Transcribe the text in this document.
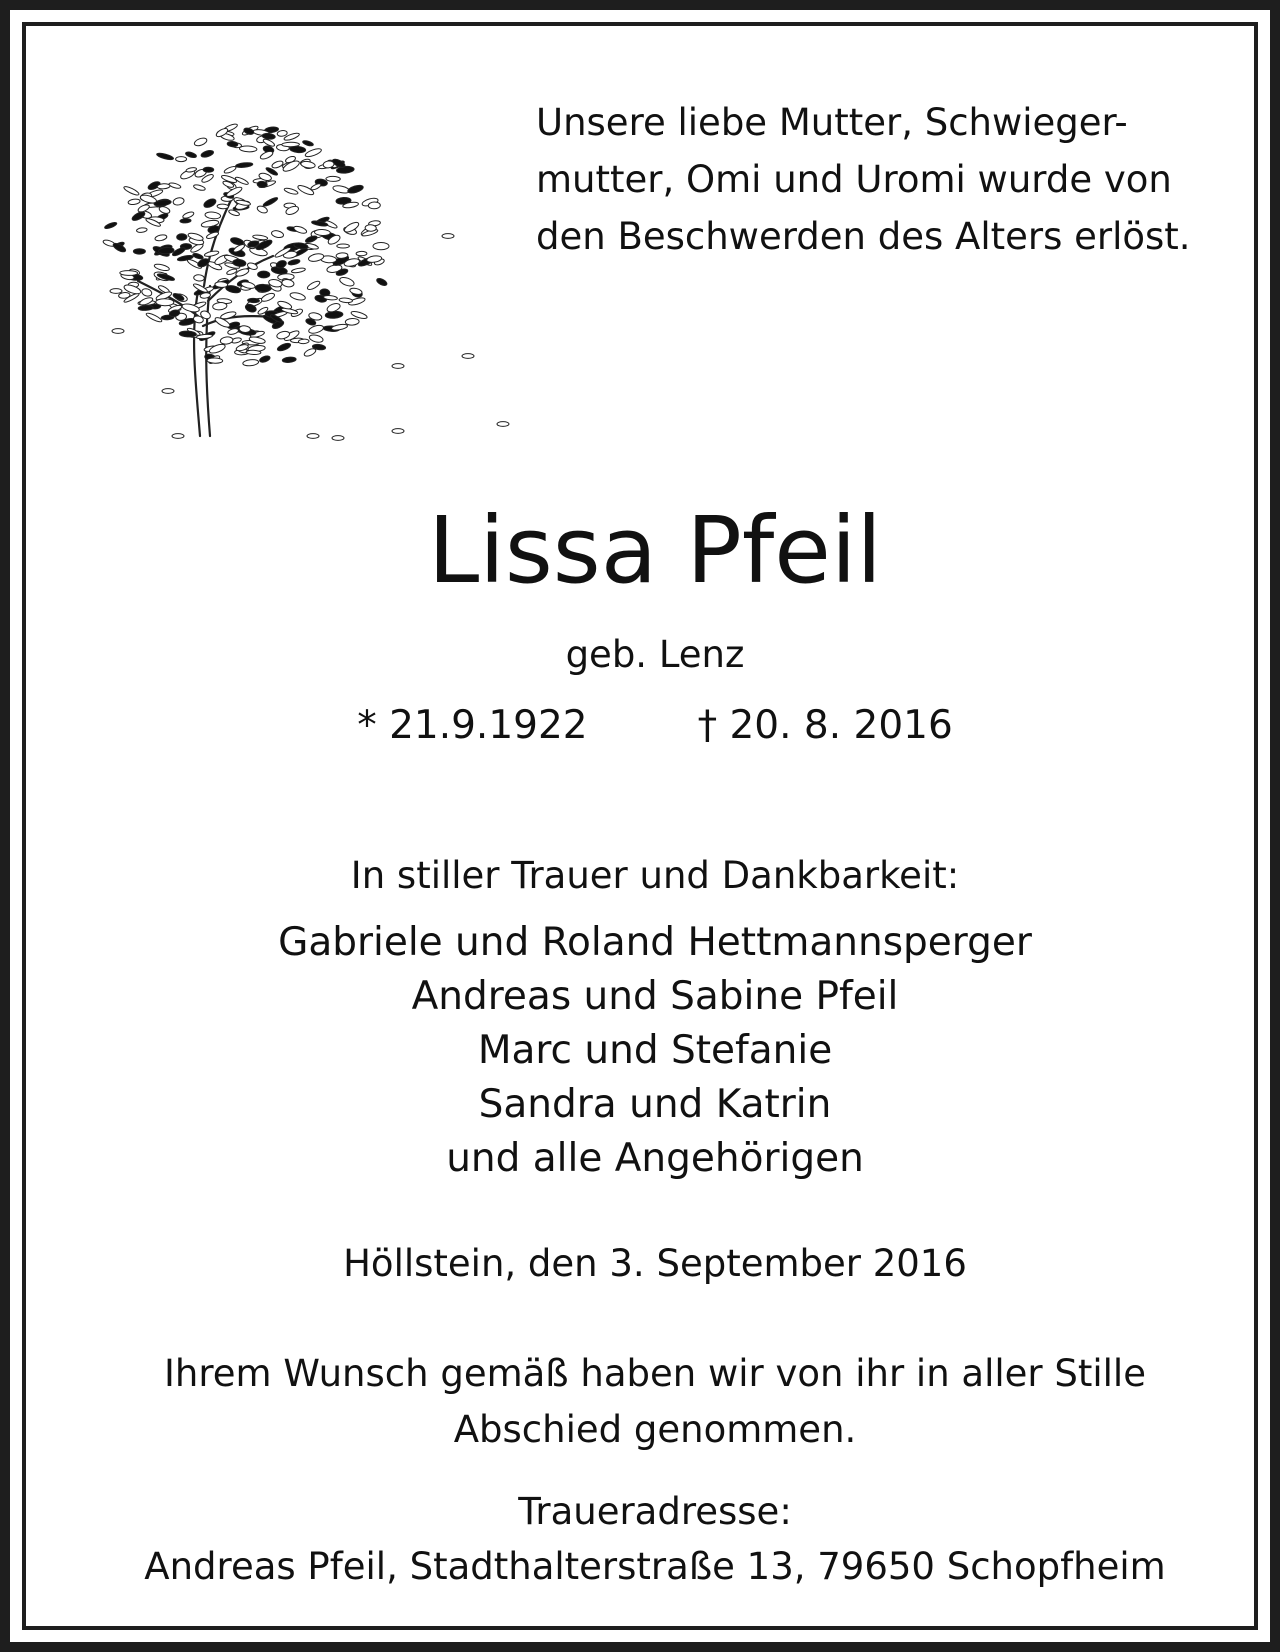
Unsere liebe Mutter, Schwieger-
mutter, Omi und Uromi wurde von
den Beschwerden des Alters erlöst.
Lissa Pfeil
geb. Lenz
* 21.9.1922	† 20. 8. 2016
In stiller Trauer und Dankbarkeit:
Gabriele und Roland Hettmannsperger
Andreas und Sabine Pfeil
Marc und Stefanie
Sandra und Katrin
und alle Angehörigen
Höllstein, den 3. September 2016
Ihrem Wunsch gemäß haben wir von ihr in aller Stille
Abschied genommen.
Traueradresse:
Andreas Pfeil, Stadthalterstraße 13, 79650 Schopfheim
